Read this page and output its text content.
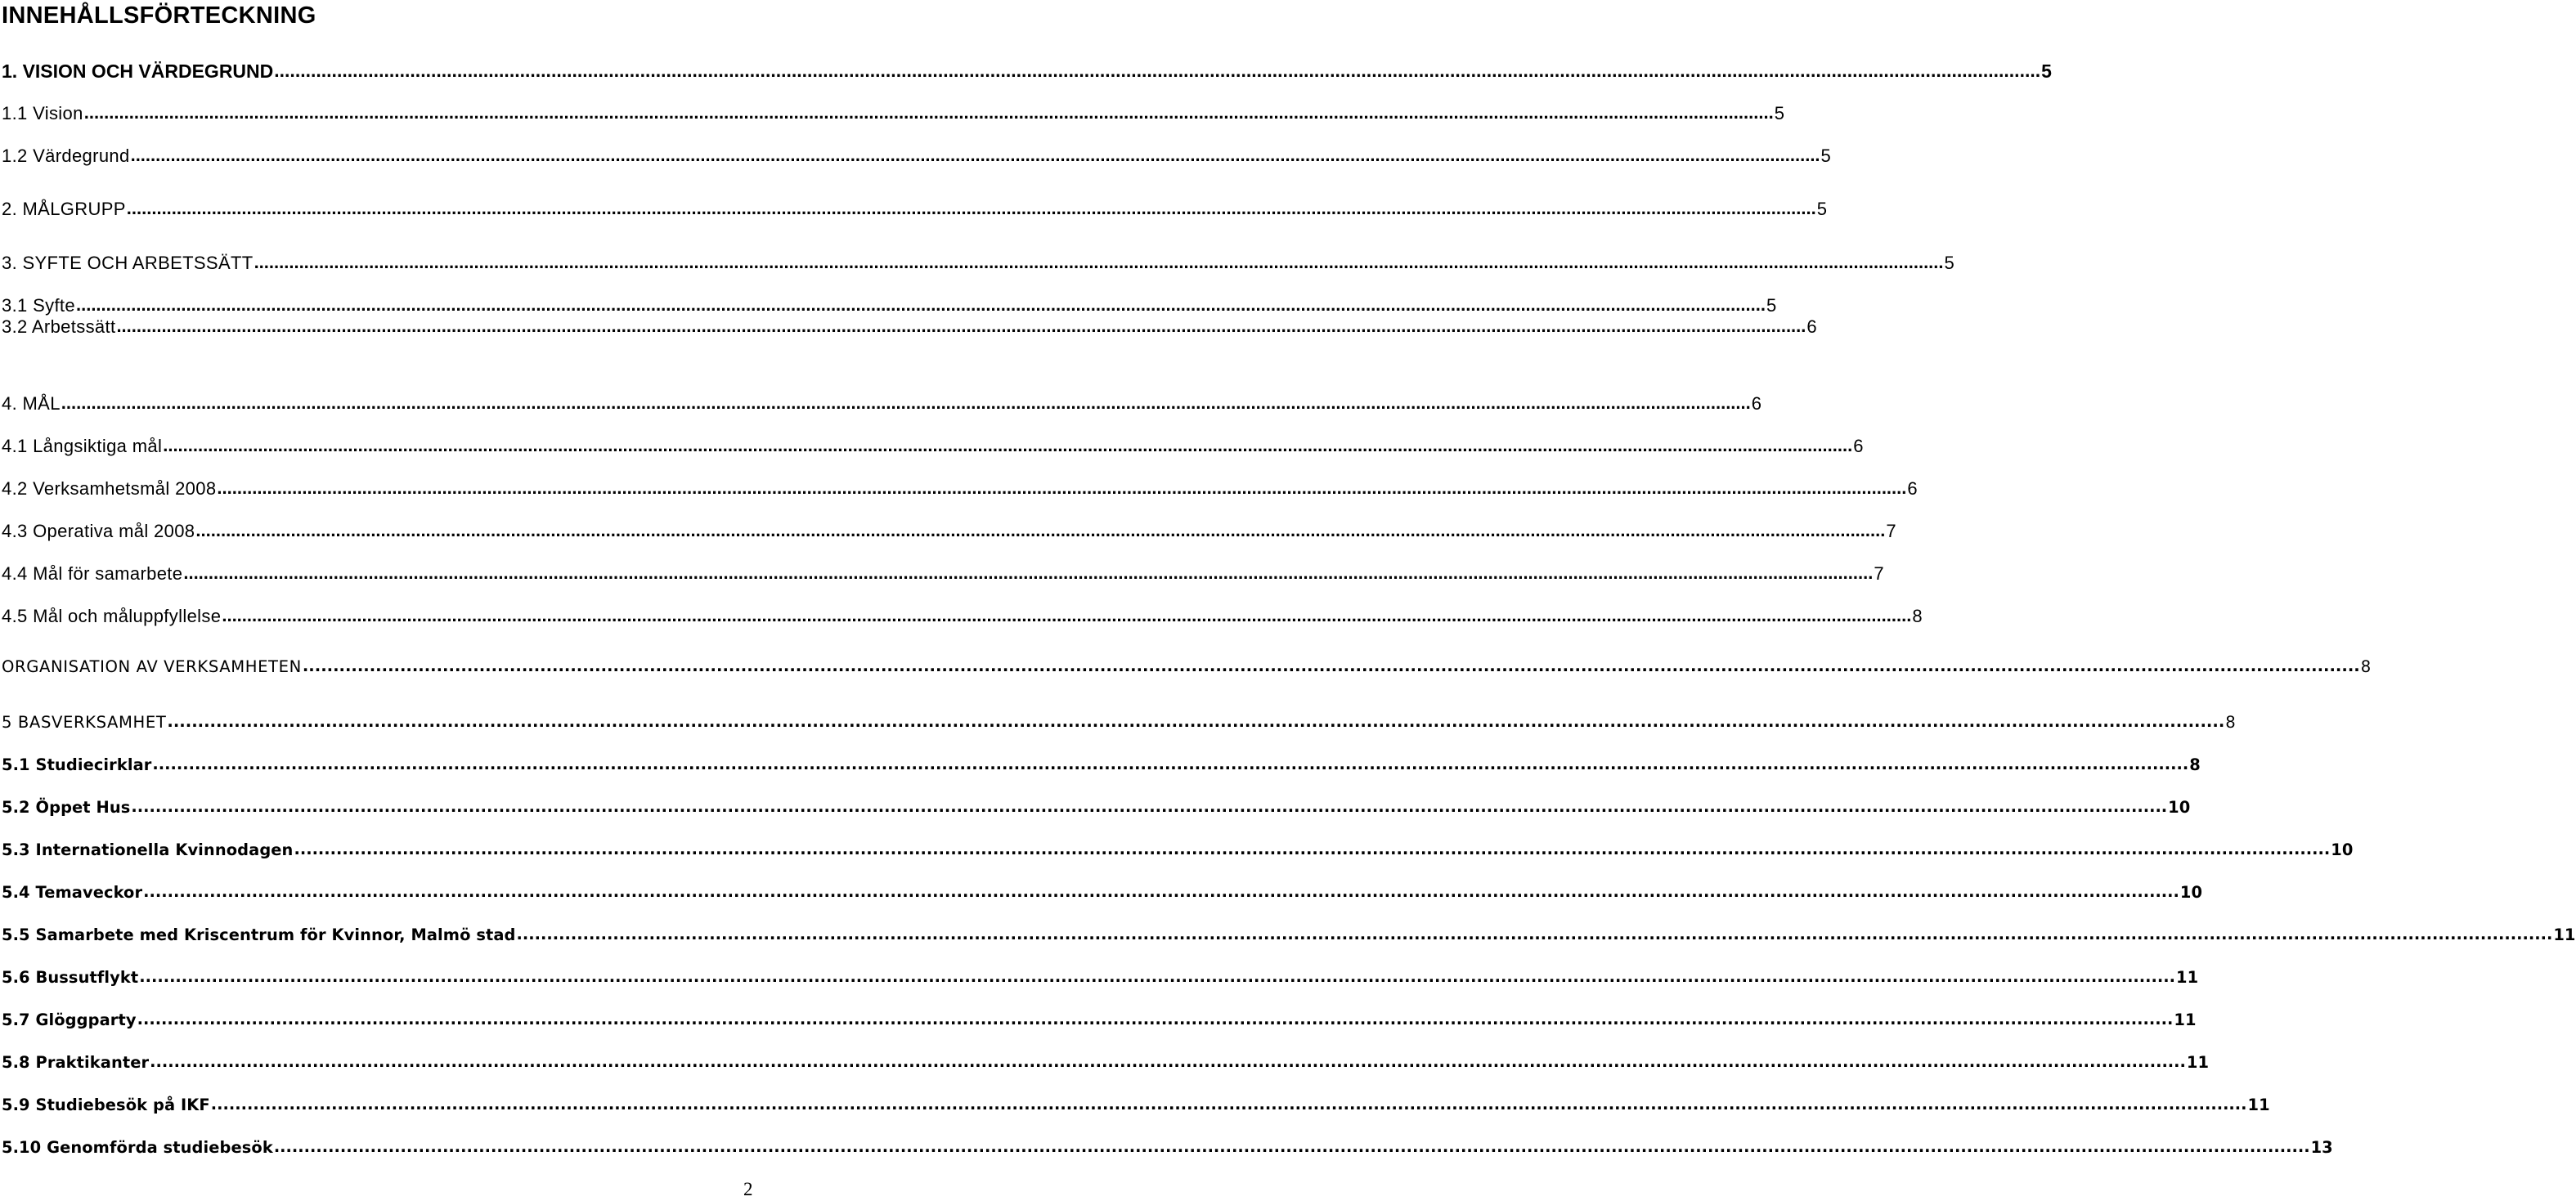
INNEHÅLLSFÖRTECKNING
1. VISION OCH VÄRDEGRUND .....	5
1.1 Vision .....	5
1.2 Värdegrund .....	5
2. MÅLGRUPP .....	5
3. SYFTE OCH ARBETSSÄTT .....	5
3.1 Syfte .....	5
3.2 Arbetssätt .....	6
4. MÅL .....	6
4.1 Långsiktiga mål .....	6
4.2 Verksamhetsmål 2008 .....	6
4.3 Operativa mål 2008 .....	7
4.4 Mål för samarbete .....	7
4.5 Mål och måluppfyllelse .....	8
ORGANISATION AV VERKSAMHETEN .....	8
5 BASVERKSAMHET .....	8
5.1 Studiecirklar .....	8
5.2 Öppet Hus .....	10
5.3 Internationella Kvinnodagen .....	10
5.4 Temaveckor .....	10
5.5 Samarbete med Kriscentrum för Kvinnor, Malmö stad .....	11
5.6 Bussutflykt .....	11
5.7 Glöggparty .....	11
5.8 Praktikanter .....	11
5.9 Studiebesök på IKF .....	11
5.10 Genomförda studiebesök .....	13
2
